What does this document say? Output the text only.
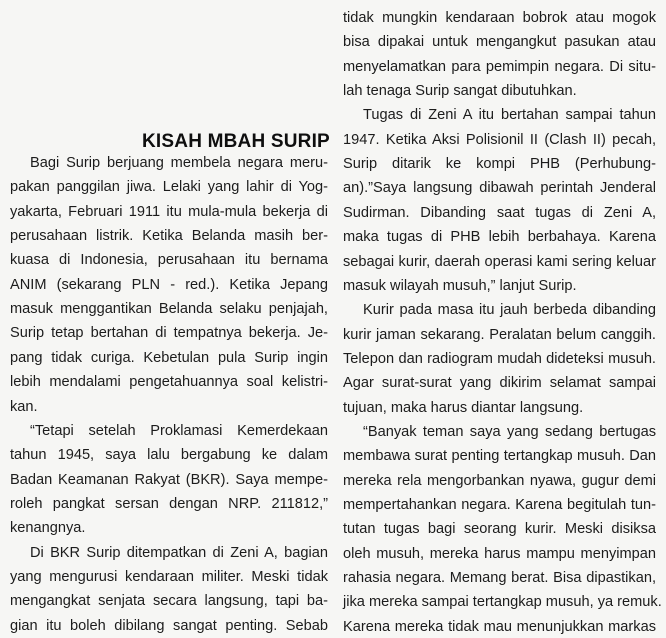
KISAH MBAH SURIP
Bagi Surip berjuang membela negara meru-
pakan panggilan jiwa. Lelaki yang lahir di Yog-
yakarta, Februari 1911 itu mula-mula bekerja di
perusahaan listrik. Ketika Belanda masih ber-
kuasa di Indonesia, perusahaan itu bernama
ANIM (sekarang PLN - red.). Ketika Jepang
masuk menggantikan Belanda selaku penjajah,
Surip tetap bertahan di tempatnya bekerja. Je-
pang tidak curiga. Kebetulan pula Surip ingin
lebih mendalami pengetahuannya soal kelistri-
kan.
“Tetapi setelah Proklamasi Kemerdekaan
tahun 1945, saya lalu bergabung ke dalam
Badan Keamanan Rakyat (BKR). Saya mempe-
roleh pangkat sersan dengan NRP. 211812,”
kenangnya.
Di BKR Surip ditempatkan di Zeni A, bagian
yang mengurusi kendaraan militer. Meski tidak
mengangkat senjata secara langsung, tapi ba-
gian itu boleh dibilang sangat penting. Sebab
tidak mungkin kendaraan bobrok atau mogok
bisa dipakai untuk mengangkut pasukan atau
menyelamatkan para pemimpin negara. Di situ-
lah tenaga Surip sangat dibutuhkan.
Tugas di Zeni A itu bertahan sampai tahun
1947. Ketika Aksi Polisionil II (Clash II) pecah,
Surip ditarik ke kompi PHB (Perhubung-
an).”Saya langsung dibawah perintah Jenderal
Sudirman. Dibanding saat tugas di Zeni A,
maka tugas di PHB lebih berbahaya. Karena
sebagai kurir, daerah operasi kami sering keluar
masuk wilayah musuh,” lanjut Surip.
Kurir pada masa itu jauh berbeda dibanding
kurir jaman sekarang. Peralatan belum canggih.
Telepon dan radiogram mudah dideteksi musuh.
Agar surat-surat yang dikirim selamat sampai
tujuan, maka harus diantar langsung.
“Banyak teman saya yang sedang bertugas
membawa surat penting tertangkap musuh. Dan
mereka rela mengorbankan nyawa, gugur demi
mempertahankan negara. Karena begitulah tun-
tutan tugas bagi seorang kurir. Meski disiksa
oleh musuh, mereka harus mampu menyimpan
rahasia negara. Memang berat. Bisa dipastikan,
jika mereka sampai tertangkap musuh, ya remuk.
Karena mereka tidak mau menunjukkan markas
